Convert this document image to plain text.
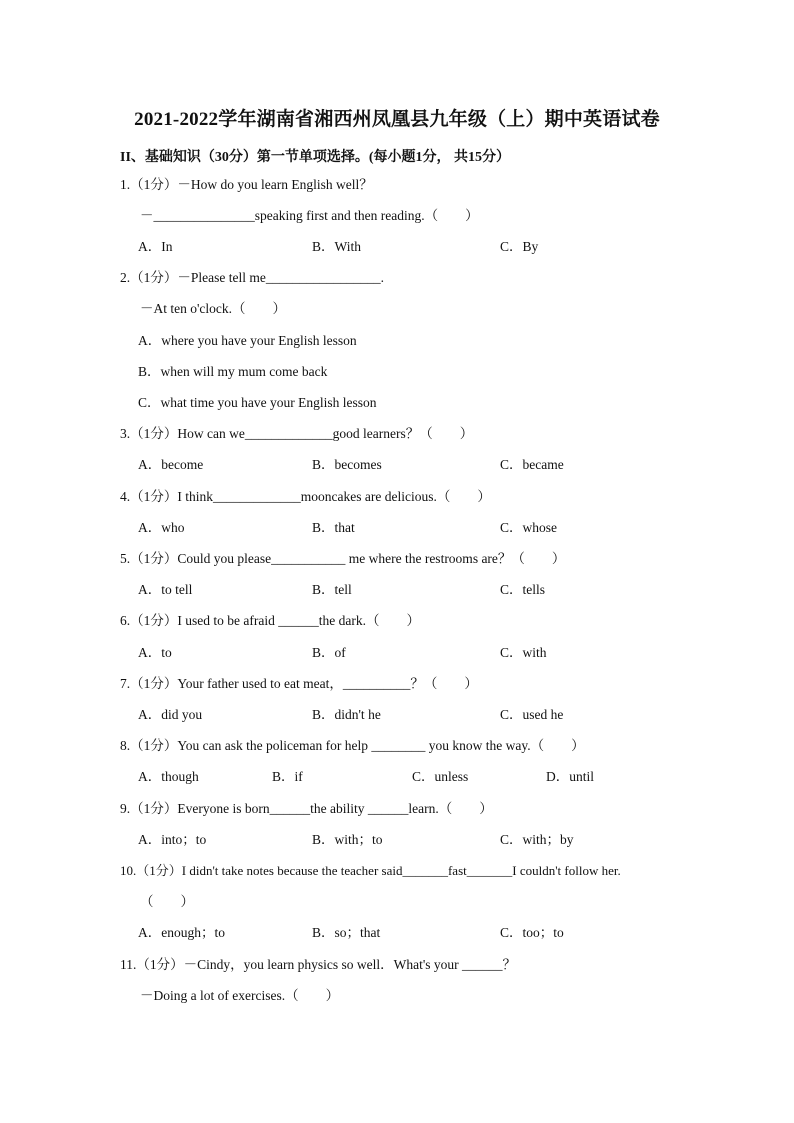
2021-2022学年湖南省湘西州凤凰县九年级（上）期中英语试卷
II、基础知识（30分）第一节单项选择。(每小题1分， 共15分）
1.（1分）－How do you learn English well？
－_______________speaking first and then reading.（　　）
A．In	B．With	C．By
2.（1分）－Please tell me_________________.
－At ten o'clock.（　　）
A．where you have your English lesson
B．when will my mum come back
C．what time you have your English lesson
3.（1分）How can we_____________good learners？（　　）
A．become	B．becomes	C．became
4.（1分）I think_____________mooncakes are delicious.（　　）
A．who	B．that	C．whose
5.（1分）Could you please___________ me where the restrooms are？（　　）
A．to tell	B．tell	C．tells
6.（1分）I used to be afraid ______the dark.（　　）
A．to	B．of	C．with
7.（1分）Your father used to eat meat，__________？（　　）
A．did you	B．didn't he	C．used he
8.（1分）You can ask the policeman for help ________ you know the way.（　　）
A．though	B．if	C．unless	D．until
9.（1分）Everyone is born______the ability ______learn.（　　）
A．into；to	B．with；to	C．with；by
10.（1分）I didn't take notes because the teacher said_______fast_______I couldn't follow her.
（　　）
A．enough；to	B．so；that	C．too；to
11.（1分）－Cindy，you learn physics so well．What's your ______？
－Doing a lot of exercises.（　　）
